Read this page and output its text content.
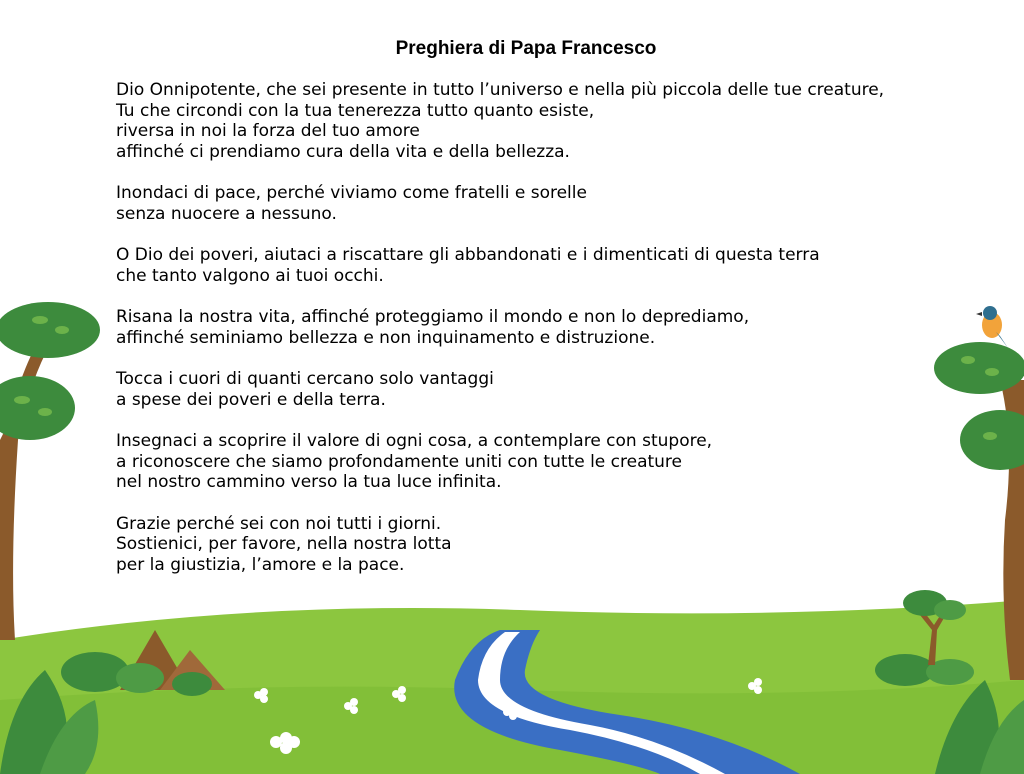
Preghiera di Papa Francesco
Dio Onnipotente, che sei presente in tutto l’universo e nella più piccola delle tue creature,
Tu che circondi con la tua tenerezza tutto quanto esiste,
riversa in noi la forza del tuo amore
affinché ci prendiamo cura della vita e della bellezza.
Inondaci di pace, perché viviamo come fratelli e sorelle
senza nuocere a nessuno.
O Dio dei poveri, aiutaci a riscattare gli abbandonati e i dimenticati di questa terra
che tanto valgono ai tuoi occhi.
Risana la nostra vita, affinché proteggiamo il mondo e non lo deprediamo,
affinché seminiamo bellezza e non inquinamento e distruzione.
Tocca i cuori di quanti cercano solo vantaggi
a spese dei poveri e della terra.
Insegnaci a scoprire il valore di ogni cosa, a contemplare con stupore,
a riconoscere che siamo profondamente uniti con tutte le creature
nel nostro cammino verso la tua luce infinita.
Grazie perché sei con noi tutti i giorni.
Sostienici, per favore, nella nostra lotta
per la giustizia, l’amore e la pace.
